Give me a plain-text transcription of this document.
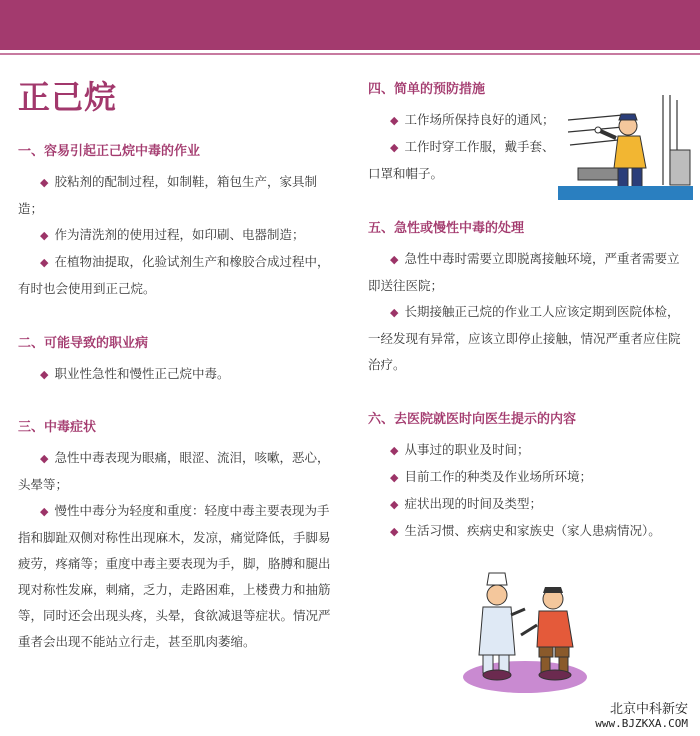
正己烷
一、容易引起正己烷中毒的作业

◆ 胶粘剂的配制过程，如制鞋，箱包生产，家具制造；

◆ 作为清洗剂的使用过程，如印刷、电器制造；

◆ 在植物油提取，化验试剂生产和橡胶合成过程中，有时也会使用到正己烷。

二、可能导致的职业病

◆ 职业性急性和慢性正己烷中毒。

三、中毒症状

◆ 急性中毒表现为眼痛，眼涩、流泪，咳嗽，恶心，头晕等；

◆ 慢性中毒分为轻度和重度：轻度中毒主要表现为手指和脚趾双侧对称性出现麻木，发凉，痛觉降低，手脚易疲劳，疼痛等；重度中毒主要表现为手，脚，胳膊和腿出现对称性发麻，刺痛，乏力，走路困难，上楼费力和抽筋等，同时还会出现头疼，头晕，食欲减退等症状。情况严重者会出现不能站立行走，甚至肌肉萎缩。

四、简单的预防措施

◆ 工作场所保持良好的通风；

◆ 工作时穿工作服，戴手套、口罩和帽子。

五、急性或慢性中毒的处理

◆ 急性中毒时需要立即脱离接触环境，严重者需要立即送往医院；

◆ 长期接触正己烷的作业工人应该定期到医院体检，一经发现有异常，应该立即停止接触，情况严重者应住院治疗。

六、去医院就医时向医生提示的内容

◆ 从事过的职业及时间；

◆ 目前工作的种类及作业场所环境；

◆ 症状出现的时间及类型；

◆ 生活习惯、疾病史和家族史（家人患病情况）。

北京中科新安
www.BJZKXA.COM
